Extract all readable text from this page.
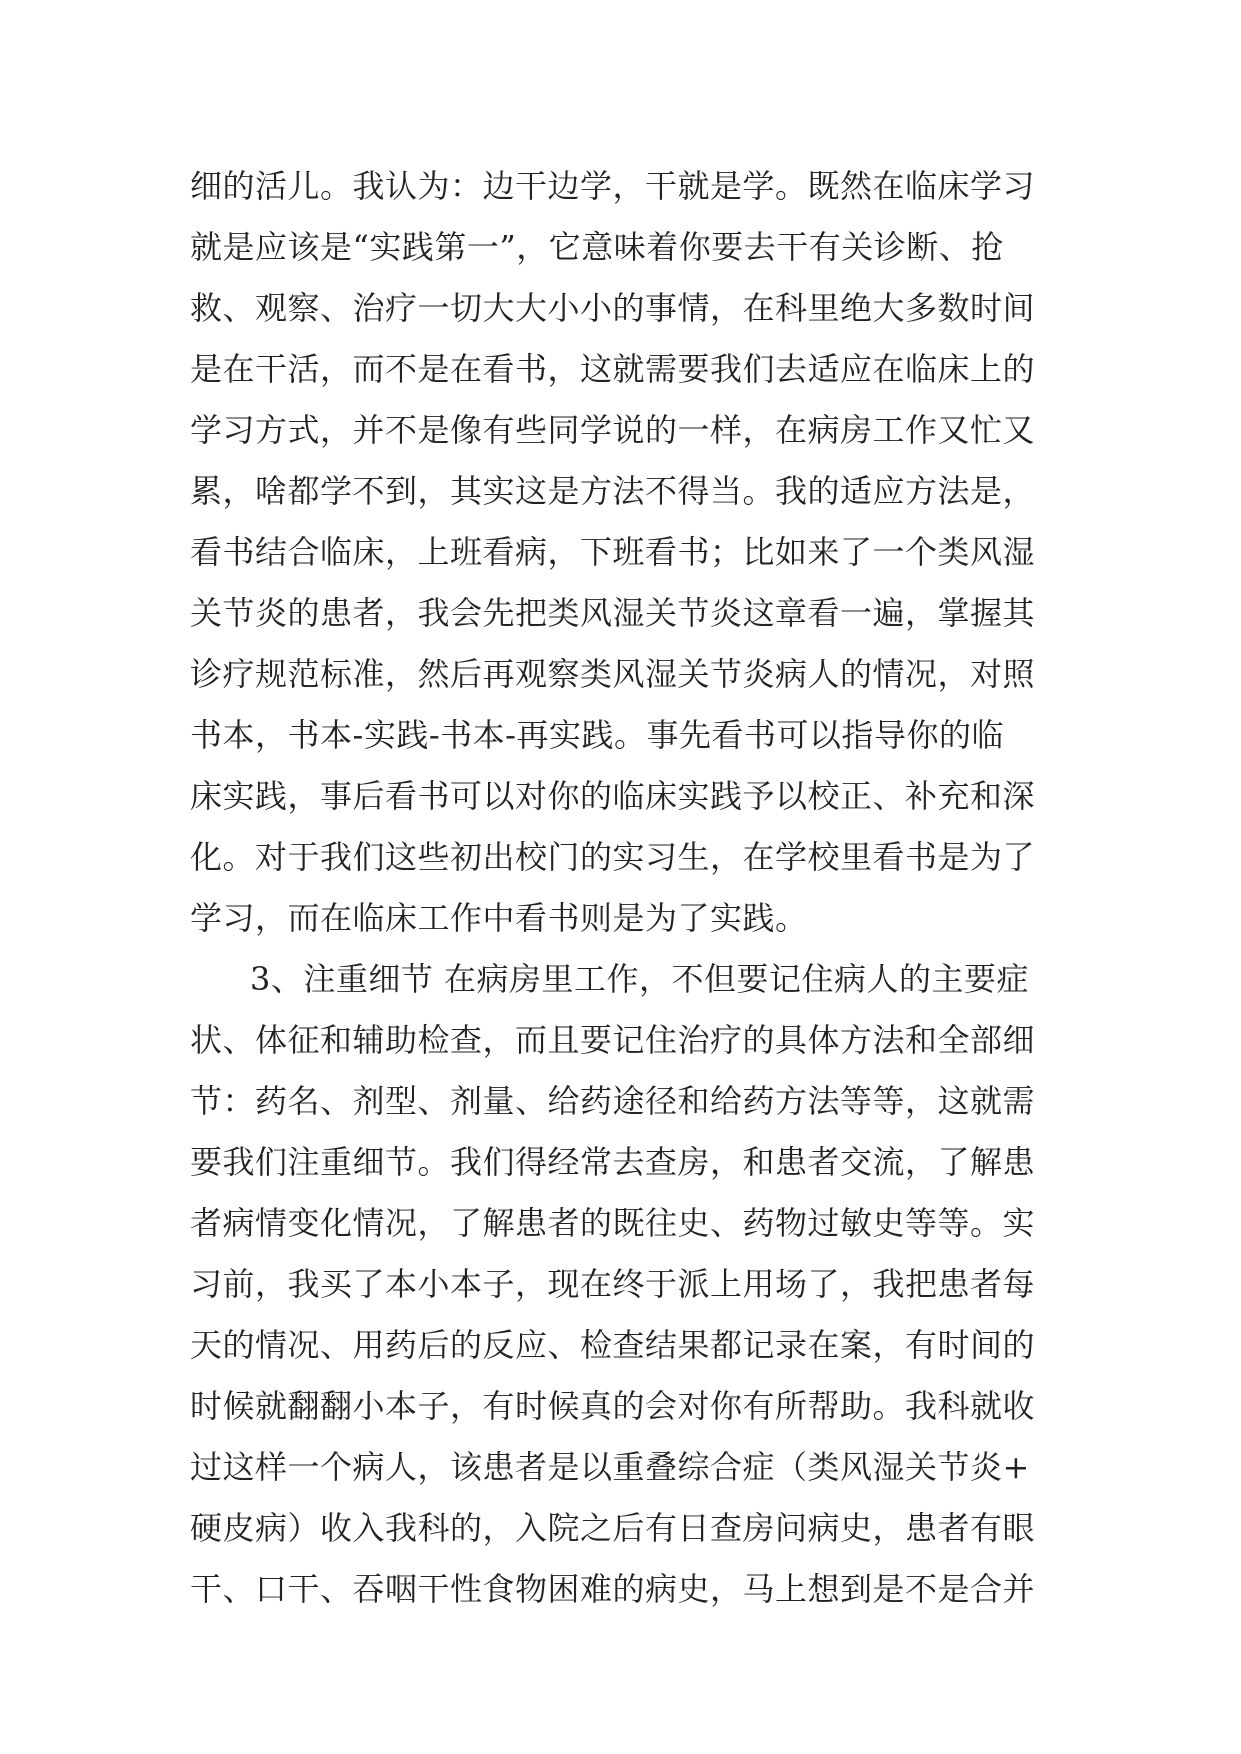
细的活儿。我认为：边干边学，干就是学。既然在临床学习
就是应该是“实践第一”，它意味着你要去干有关诊断、抢
救、观察、治疗一切大大小小的事情，在科里绝大多数时间
是在干活，而不是在看书，这就需要我们去适应在临床上的
学习方式，并不是像有些同学说的一样，在病房工作又忙又
累，啥都学不到，其实这是方法不得当。我的适应方法是，
看书结合临床，上班看病，下班看书；比如来了一个类风湿
关节炎的患者，我会先把类风湿关节炎这章看一遍，掌握其
诊疗规范标准，然后再观察类风湿关节炎病人的情况，对照
书本，书本-实践-书本-再实践。事先看书可以指导你的临
床实践，事后看书可以对你的临床实践予以校正、补充和深
化。对于我们这些初出校门的实习生，在学校里看书是为了
学习，而在临床工作中看书则是为了实践。
3、注重细节 在病房里工作，不但要记住病人的主要症
状、体征和辅助检查，而且要记住治疗的具体方法和全部细
节：药名、剂型、剂量、给药途径和给药方法等等，这就需
要我们注重细节。我们得经常去查房，和患者交流，了解患
者病情变化情况，了解患者的既往史、药物过敏史等等。实
习前，我买了本小本子，现在终于派上用场了，我把患者每
天的情况、用药后的反应、检查结果都记录在案，有时间的
时候就翻翻小本子，有时候真的会对你有所帮助。我科就收
过这样一个病人，该患者是以重叠综合症（类风湿关节炎+
硬皮病）收入我科的，入院之后有日查房问病史，患者有眼
干、口干、吞咽干性食物困难的病史，马上想到是不是合并
